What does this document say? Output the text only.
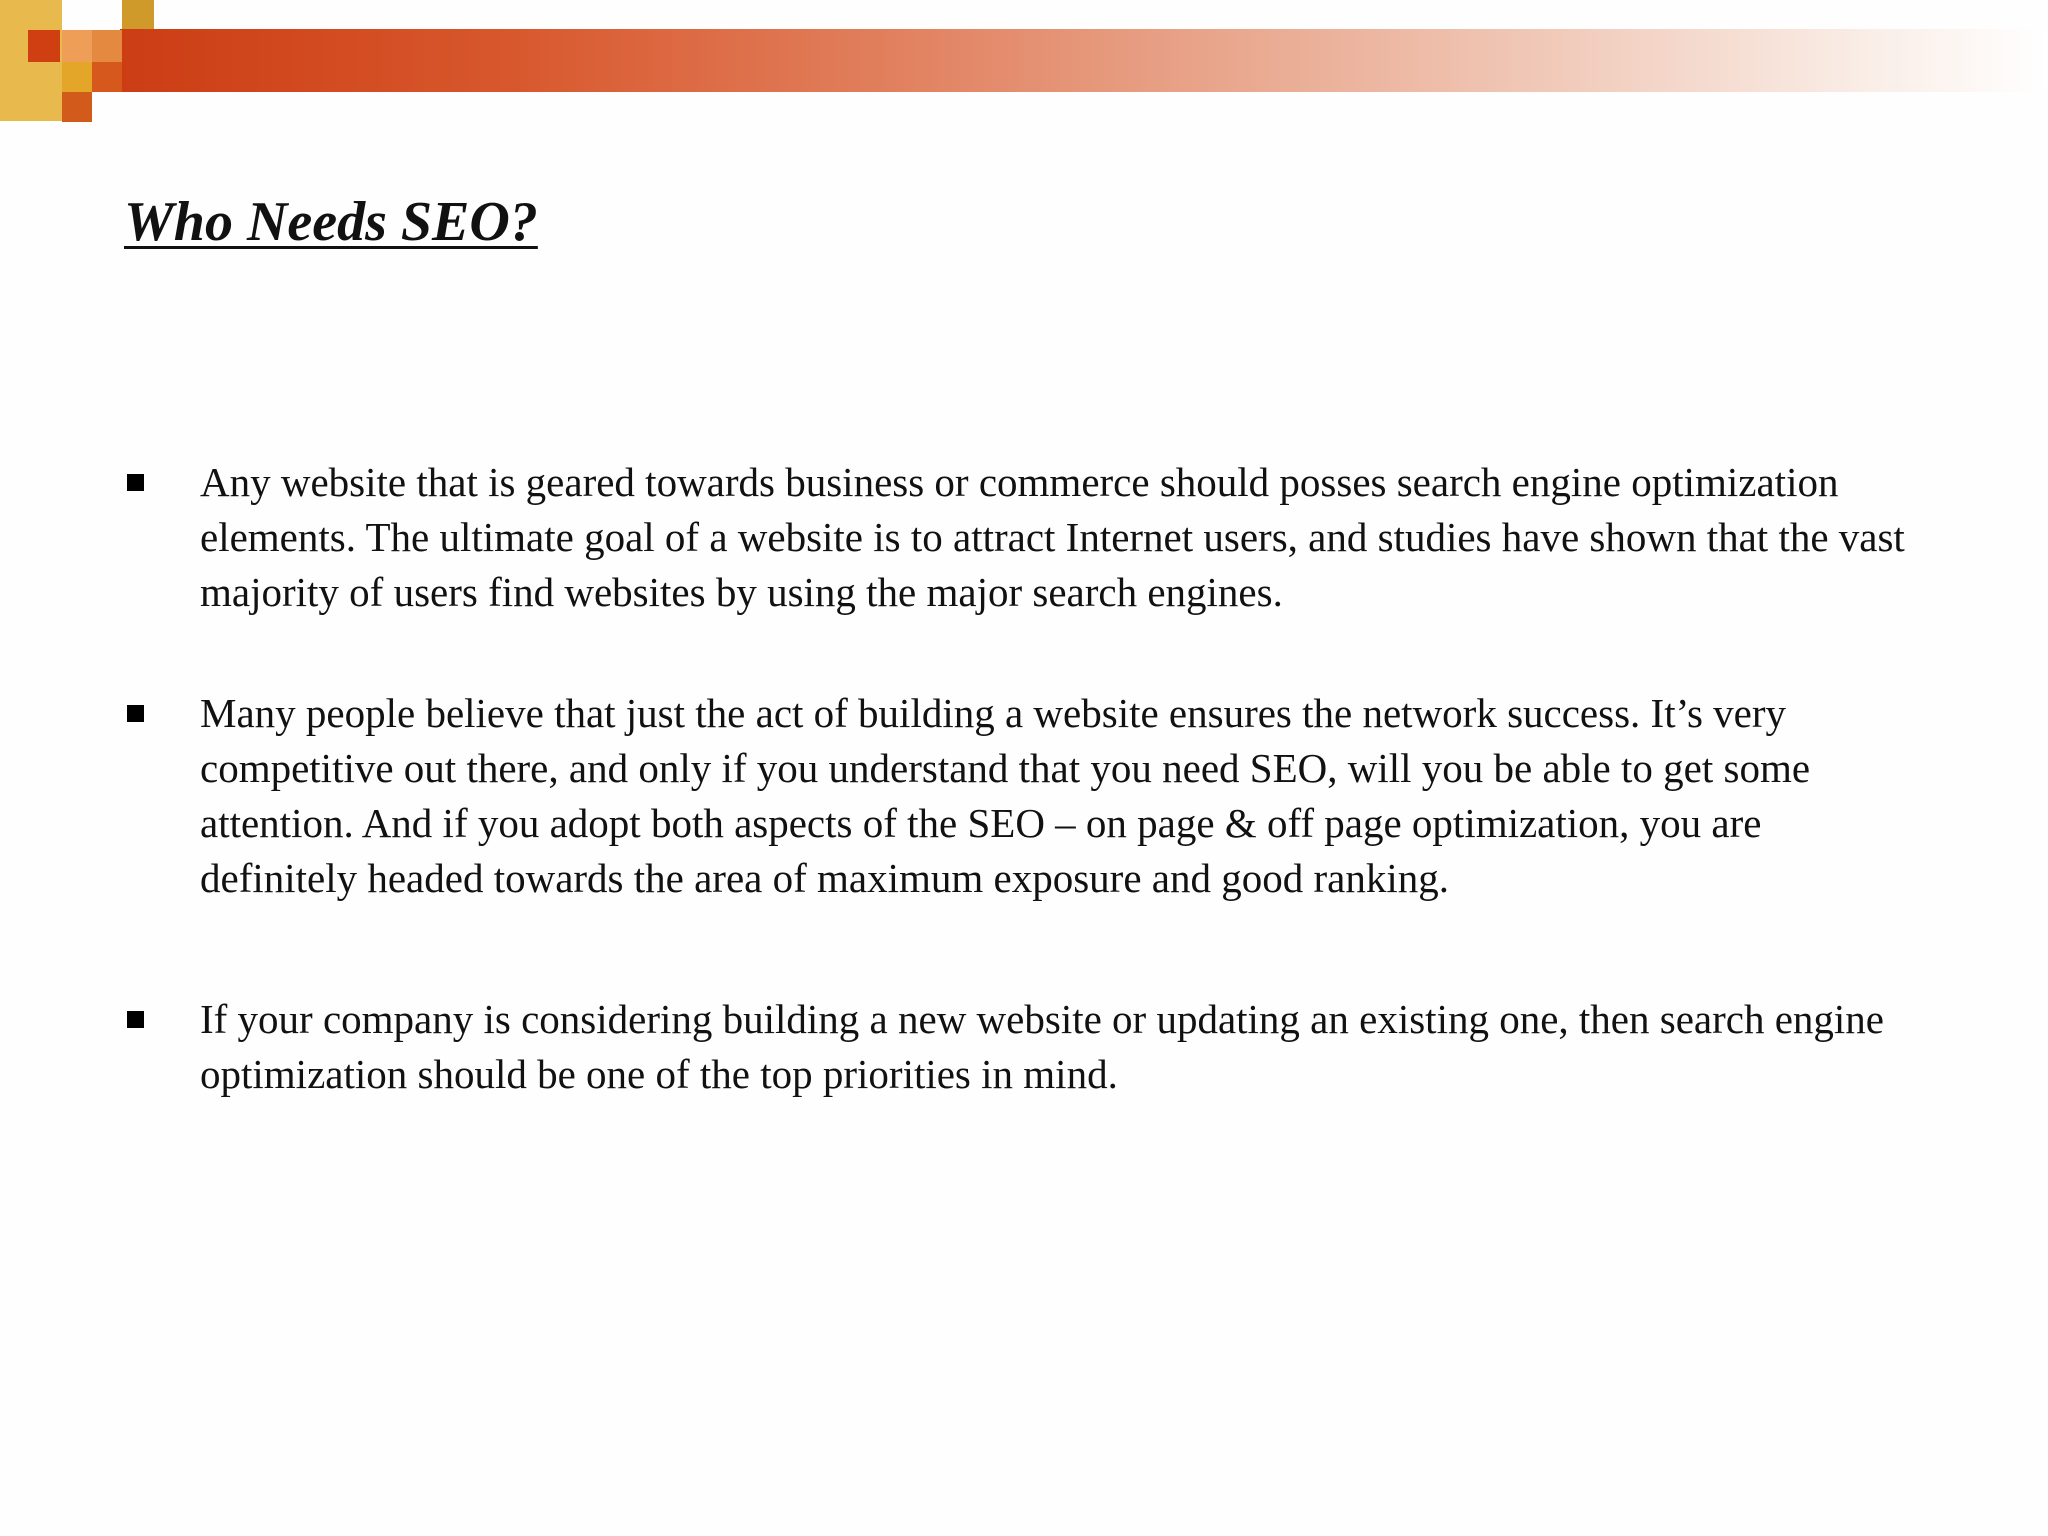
Who Needs SEO?
Any website that is geared towards business or commerce should posses search engine optimization elements. The ultimate goal of a website is to attract Internet users, and studies have shown that the vast majority of users find websites by using the major search engines.
Many people believe that just the act of building a website ensures the network success. It’s very competitive out there, and only if you understand that you need SEO, will you be able to get some attention. And if you adopt both aspects of the SEO – on page & off page optimization, you are definitely headed towards the area of maximum exposure and good ranking.
If your company is considering building a new website or updating an existing one, then search engine optimization should be one of the top priorities in mind.
